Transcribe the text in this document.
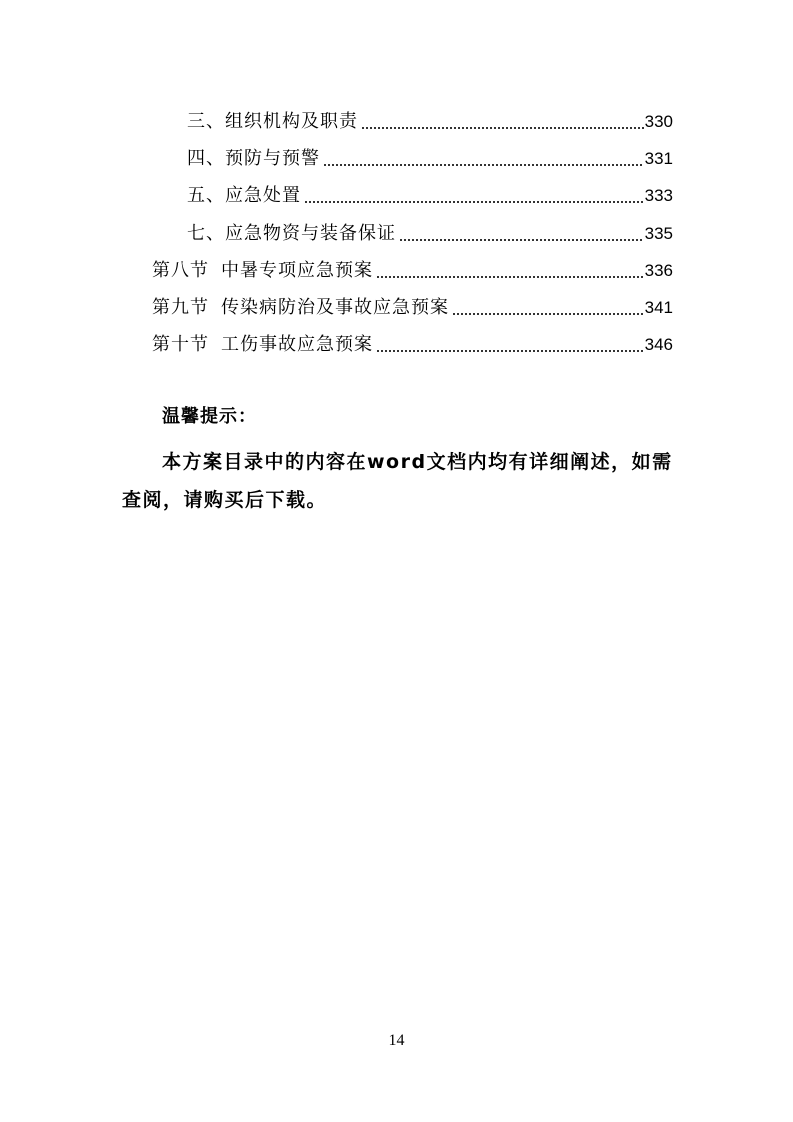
三、组织机构及职责	330
四、预防与预警	331
五、应急处置	333
七、应急物资与装备保证	335
第八节 中暑专项应急预案	336
第九节 传染病防治及事故应急预案	341
第十节 工伤事故应急预案	346
温馨提示：
本方案目录中的内容在word文档内均有详细阐述，如需查阅，请购买后下载。
14
